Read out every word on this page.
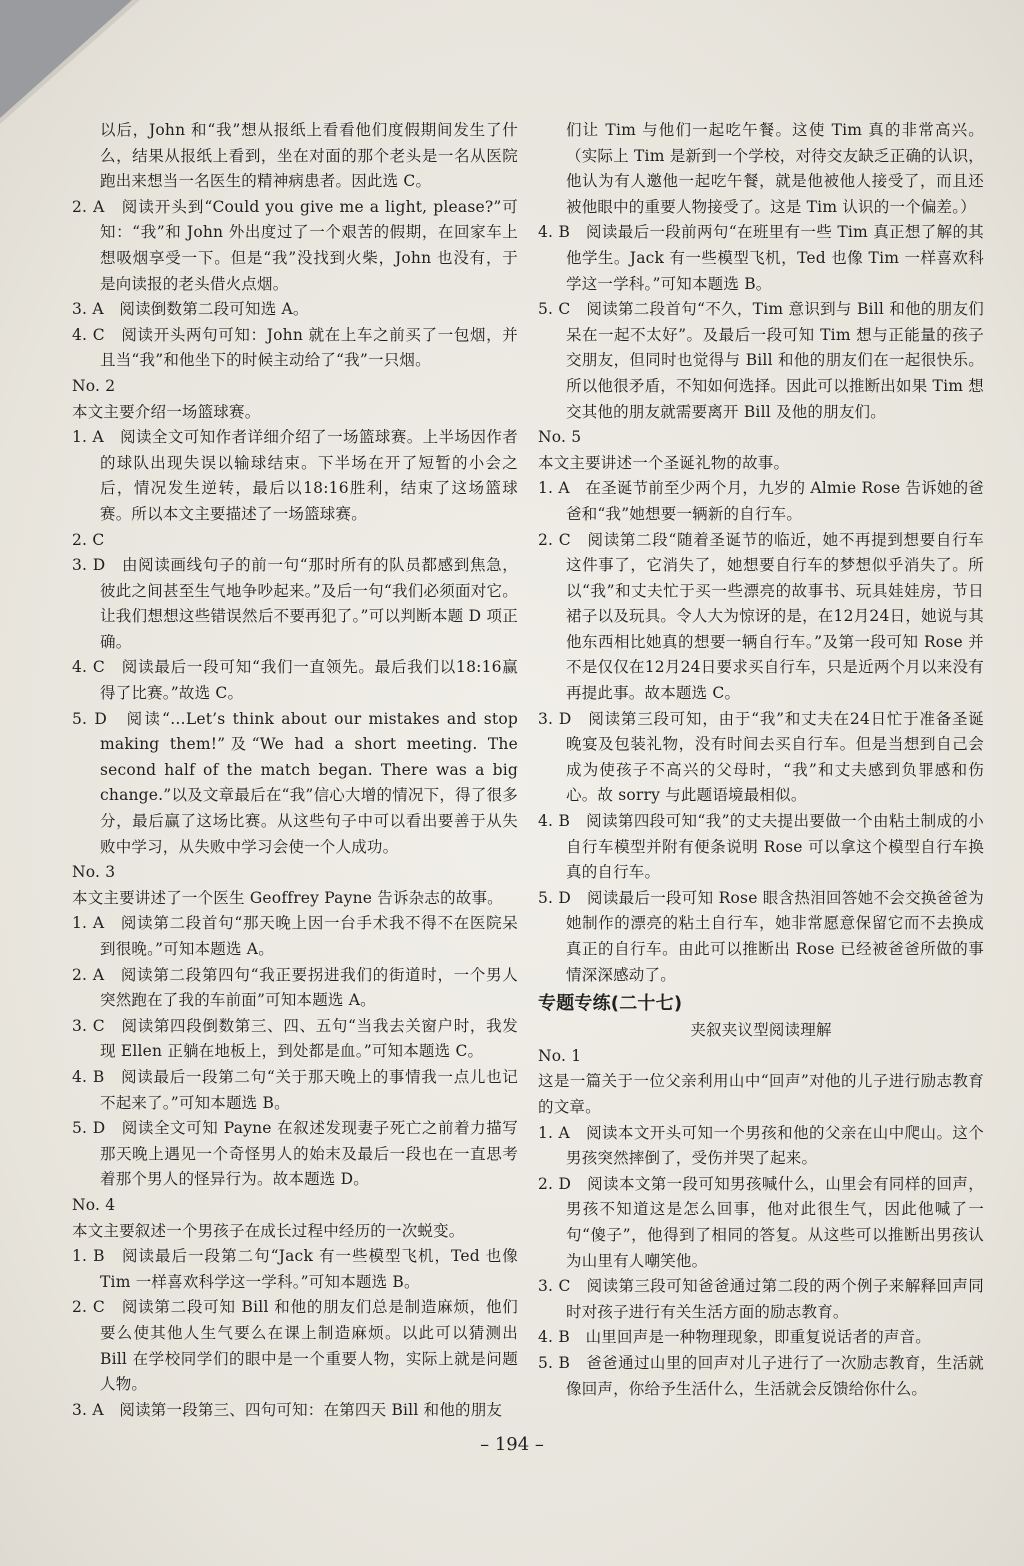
以后，John 和“我”想从报纸上看看他们度假期间发生了什么，结果从报纸上看到，坐在对面的那个老头是一名从医院跑出来想当一名医生的精神病患者。因此选 C。

2. A　阅读开头到“Could you give me a light, please?”可知：“我”和 John 外出度过了一个艰苦的假期，在回家车上想吸烟享受一下。但是“我”没找到火柴，John 也没有，于是向读报的老头借火点烟。

3. A　阅读倒数第二段可知选 A。

4. C　阅读开头两句可知：John 就在上车之前买了一包烟，并且当“我”和他坐下的时候主动给了“我”一只烟。

No. 2

本文主要介绍一场篮球赛。

1. A　阅读全文可知作者详细介绍了一场篮球赛。上半场因作者的球队出现失误以输球结束。下半场在开了短暂的小会之后，情况发生逆转，最后以18:16胜利，结束了这场篮球赛。所以本文主要描述了一场篮球赛。

2. C

3. D　由阅读画线句子的前一句“那时所有的队员都感到焦急，彼此之间甚至生气地争吵起来。”及后一句“我们必须面对它。让我们想想这些错误然后不要再犯了。”可以判断本题 D 项正确。

4. C　阅读最后一段可知“我们一直领先。最后我们以18:16赢得了比赛。”故选 C。

5. D　阅读“…Let’s think about our mistakes and stop making them!”及“We had a short meeting. The second half of the match began. There was a big change.”以及文章最后在“我”信心大增的情况下，得了很多分，最后赢了这场比赛。从这些句子中可以看出要善于从失败中学习，从失败中学习会使一个人成功。

No. 3

本文主要讲述了一个医生 Geoffrey Payne 告诉杂志的故事。

1. A　阅读第二段首句“那天晚上因一台手术我不得不在医院呆到很晚。”可知本题选 A。

2. A　阅读第二段第四句“我正要拐进我们的街道时，一个男人突然跑在了我的车前面”可知本题选 A。

3. C　阅读第四段倒数第三、四、五句“当我去关窗户时，我发现 Ellen 正躺在地板上，到处都是血。”可知本题选 C。

4. B　阅读最后一段第二句“关于那天晚上的事情我一点儿也记不起来了。”可知本题选 B。

5. D　阅读全文可知 Payne 在叙述发现妻子死亡之前着力描写那天晚上遇见一个奇怪男人的始末及最后一段也在一直思考着那个男人的怪异行为。故本题选 D。

No. 4

本文主要叙述一个男孩子在成长过程中经历的一次蜕变。

1. B　阅读最后一段第二句“Jack 有一些模型飞机，Ted 也像 Tim 一样喜欢科学这一学科。”可知本题选 B。

2. C　阅读第二段可知 Bill 和他的朋友们总是制造麻烦，他们要么使其他人生气要么在课上制造麻烦。以此可以猜测出 Bill 在学校同学们的眼中是一个重要人物，实际上就是问题人物。

3. A　阅读第一段第三、四句可知：在第四天 Bill 和他的朋友

们让 Tim 与他们一起吃午餐。这使 Tim 真的非常高兴。（实际上 Tim 是新到一个学校，对待交友缺乏正确的认识，他认为有人邀他一起吃午餐，就是他被他人接受了，而且还被他眼中的重要人物接受了。这是 Tim 认识的一个偏差。）

4. B　阅读最后一段前两句“在班里有一些 Tim 真正想了解的其他学生。Jack 有一些模型飞机，Ted 也像 Tim 一样喜欢科学这一学科。”可知本题选 B。

5. C　阅读第二段首句“不久，Tim 意识到与 Bill 和他的朋友们呆在一起不太好”。及最后一段可知 Tim 想与正能量的孩子交朋友，但同时也觉得与 Bill 和他的朋友们在一起很快乐。所以他很矛盾，不知如何选择。因此可以推断出如果 Tim 想交其他的朋友就需要离开 Bill 及他的朋友们。

No. 5

本文主要讲述一个圣诞礼物的故事。

1. A　在圣诞节前至少两个月，九岁的 Almie Rose 告诉她的爸爸和“我”她想要一辆新的自行车。

2. C　阅读第二段“随着圣诞节的临近，她不再提到想要自行车这件事了，它消失了，她想要自行车的梦想似乎消失了。所以“我”和丈夫忙于买一些漂亮的故事书、玩具娃娃房，节日裙子以及玩具。令人大为惊讶的是，在12月24日，她说与其他东西相比她真的想要一辆自行车。”及第一段可知 Rose 并不是仅仅在12月24日要求买自行车，只是近两个月以来没有再提此事。故本题选 C。

3. D　阅读第三段可知，由于“我”和丈夫在24日忙于准备圣诞晚宴及包装礼物，没有时间去买自行车。但是当想到自己会成为使孩子不高兴的父母时，“我”和丈夫感到负罪感和伤心。故 sorry 与此题语境最相似。

4. B　阅读第四段可知“我”的丈夫提出要做一个由粘土制成的小自行车模型并附有便条说明 Rose 可以拿这个模型自行车换真的自行车。

5. D　阅读最后一段可知 Rose 眼含热泪回答她不会交换爸爸为她制作的漂亮的粘土自行车，她非常愿意保留它而不去换成真正的自行车。由此可以推断出 Rose 已经被爸爸所做的事情深深感动了。

专题专练(二十七)

夹叙夹议型阅读理解

No. 1

这是一篇关于一位父亲利用山中“回声”对他的儿子进行励志教育的文章。

1. A　阅读本文开头可知一个男孩和他的父亲在山中爬山。这个男孩突然摔倒了，受伤并哭了起来。

2. D　阅读本文第一段可知男孩喊什么，山里会有同样的回声，男孩不知道这是怎么回事，他对此很生气，因此他喊了一句“傻子”，他得到了相同的答复。从这些可以推断出男孩认为山里有人嘲笑他。

3. C　阅读第三段可知爸爸通过第二段的两个例子来解释回声同时对孩子进行有关生活方面的励志教育。

4. B　山里回声是一种物理现象，即重复说话者的声音。

5. B　爸爸通过山里的回声对儿子进行了一次励志教育，生活就像回声，你给予生活什么，生活就会反馈给你什么。

– 194 –
